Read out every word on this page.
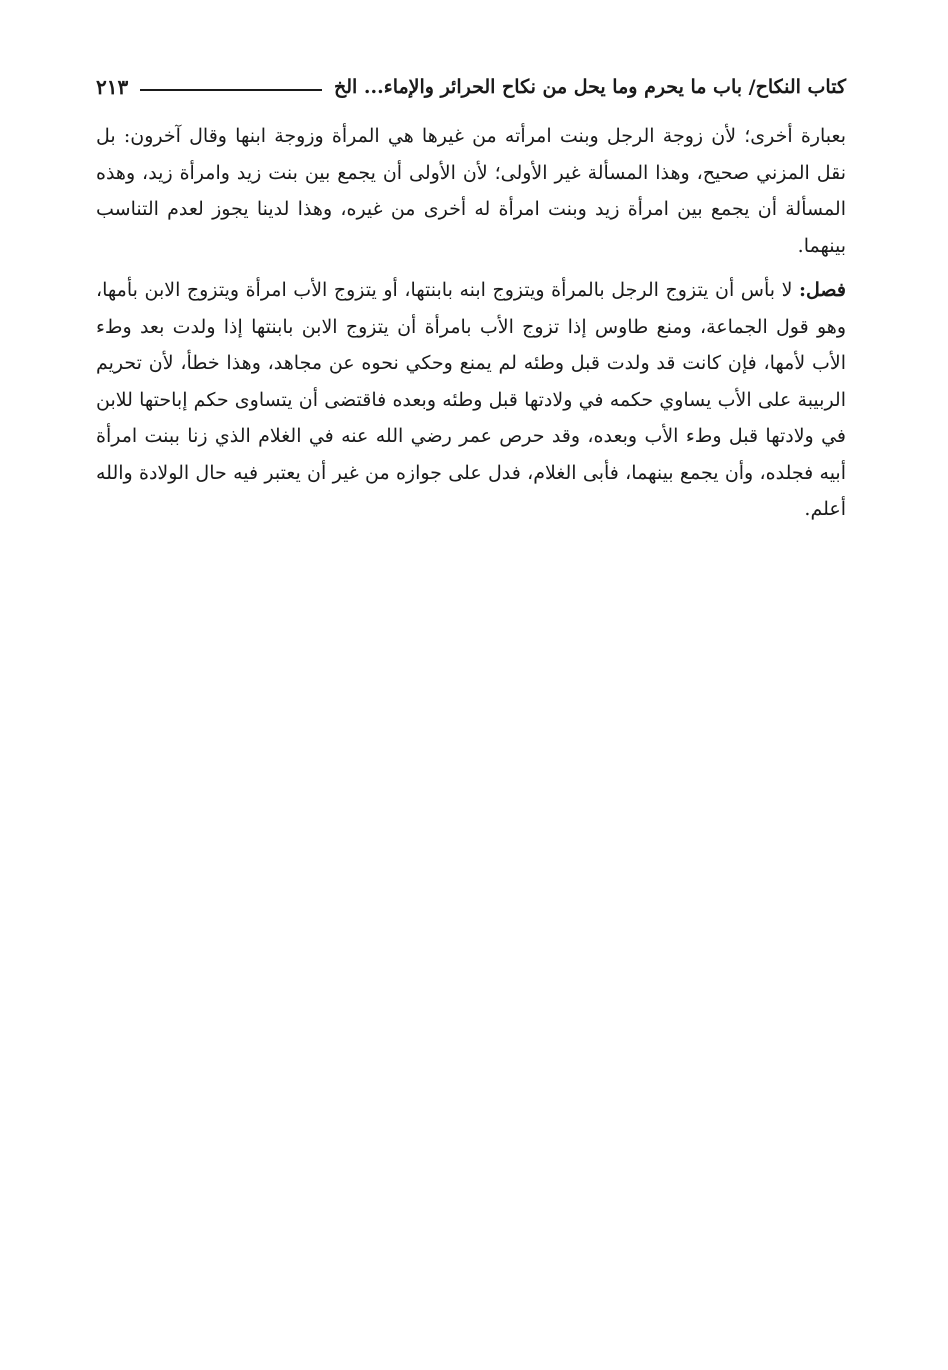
كتاب النكاح/ باب ما يحرم وما يحل من نكاح الحرائر والإماء... الخ
٢١٣

بعبارة أخرى؛ لأن زوجة الرجل وبنت امرأته من غيرها هي المرأة وزوجة ابنها وقال آخرون: بل نقل المزني صحيح، وهذا المسألة غير الأولى؛ لأن الأولى أن يجمع بين بنت زيد وامرأة زيد، وهذه المسألة أن يجمع بين امرأة زيد وبنت امرأة له أخرى من غيره، وهذا لدينا يجوز لعدم التناسب بينهما.

فصل: لا بأس أن يتزوج الرجل بالمرأة ويتزوج ابنه بابنتها، أو يتزوج الأب امرأة ويتزوج الابن بأمها، وهو قول الجماعة، ومنع طاوس إذا تزوج الأب بامرأة أن يتزوج الابن بابنتها إذا ولدت بعد وطء الأب لأمها، فإن كانت قد ولدت قبل وطئه لم يمنع وحكي نحوه عن مجاهد، وهذا خطأ، لأن تحريم الربيبة على الأب يساوي حكمه في ولادتها قبل وطئه وبعده فاقتضى أن يتساوى حكم إباحتها للابن في ولادتها قبل وطء الأب وبعده، وقد حرص عمر رضي الله عنه في الغلام الذي زنا ببنت امرأة أبيه فجلده، وأن يجمع بينهما، فأبى الغلام، فدل على جوازه من غير أن يعتبر فيه حال الولادة والله أعلم.
